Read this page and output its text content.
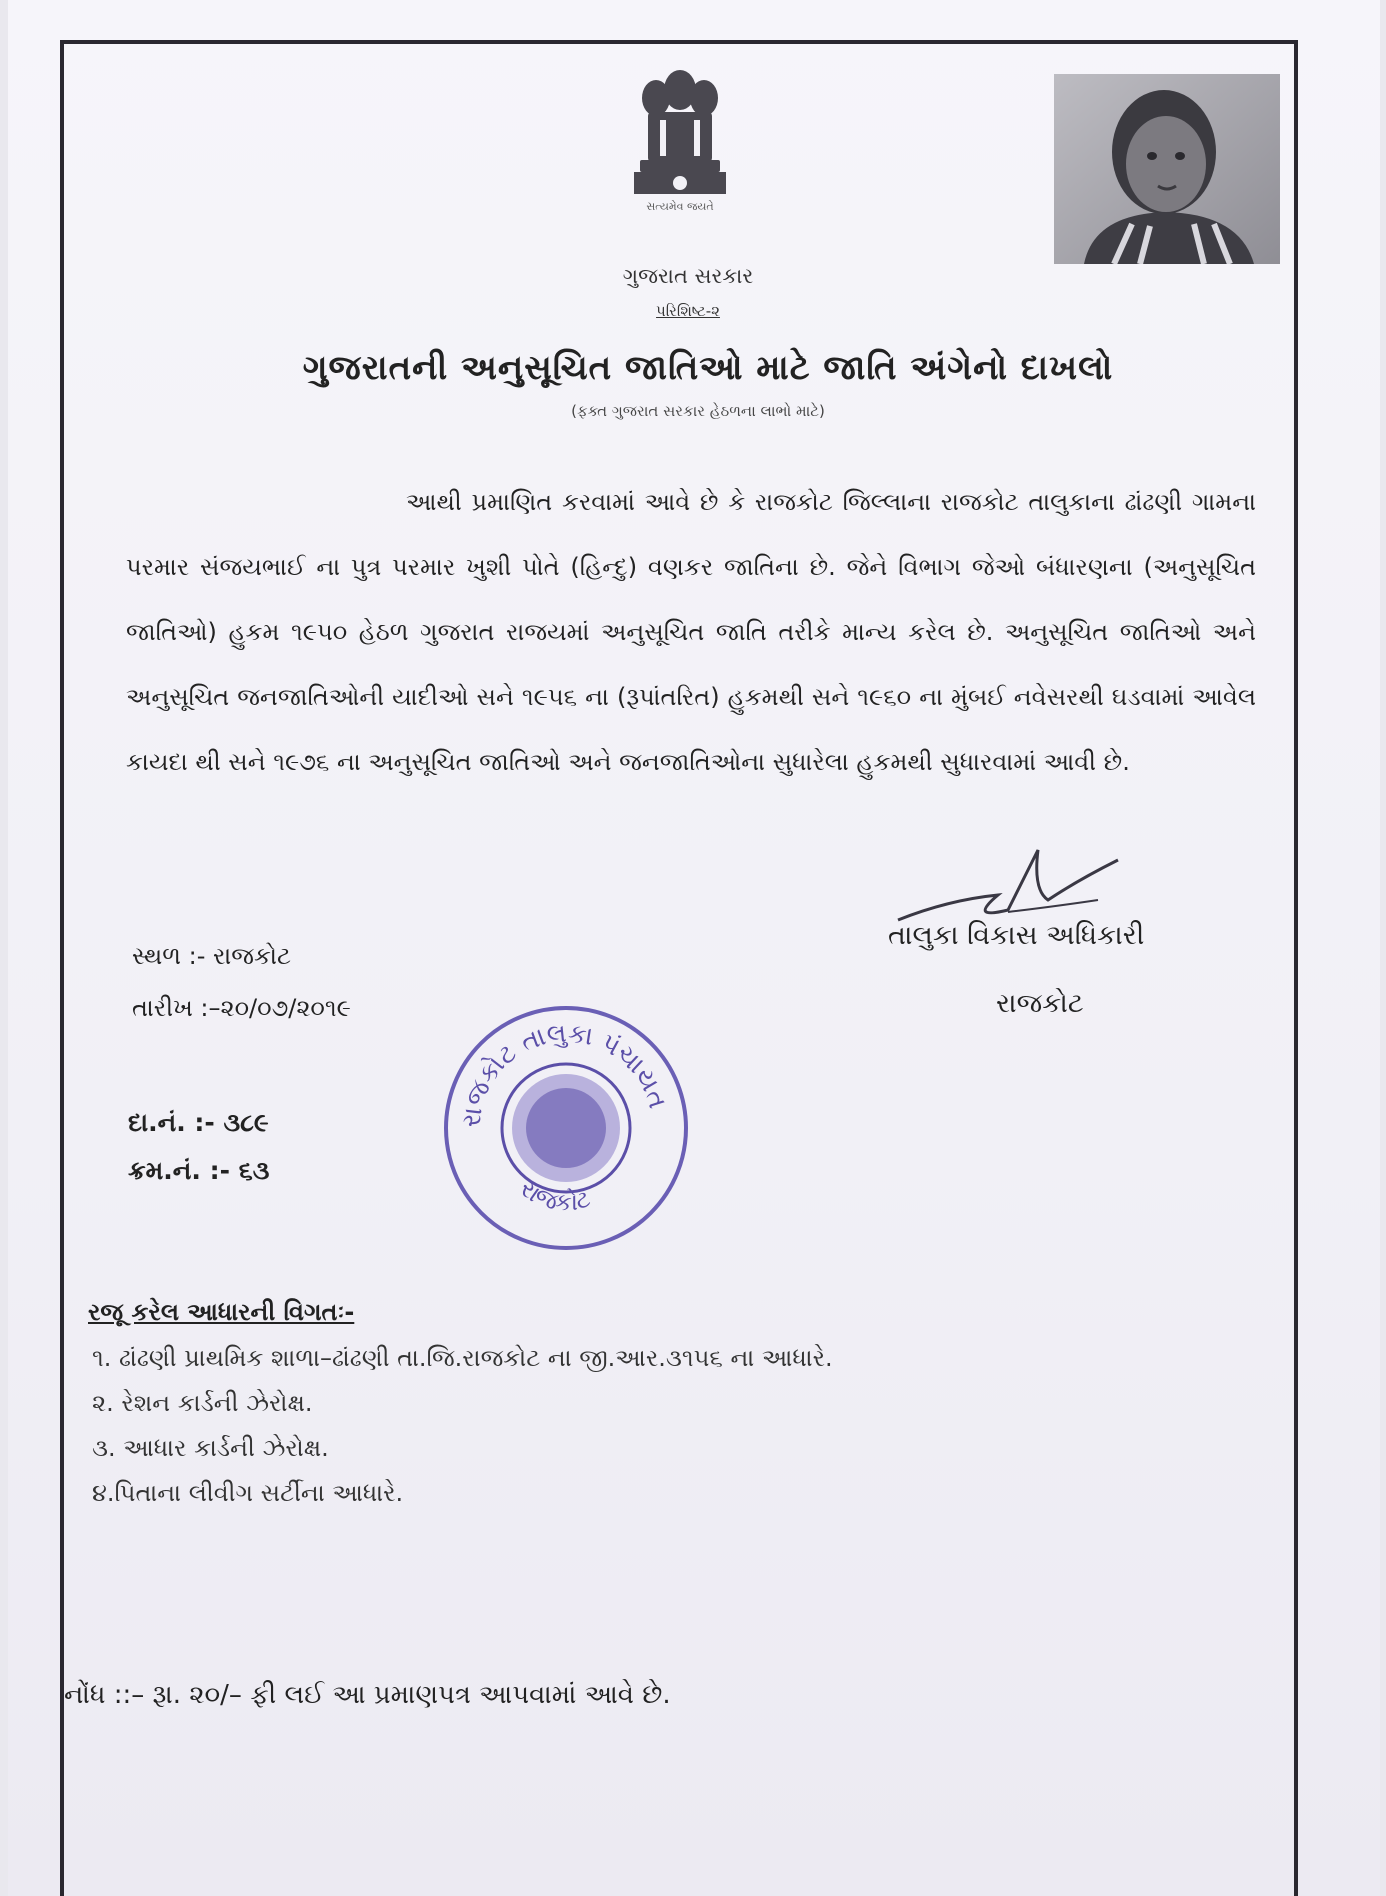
સત્યમેવ જયતે
ગુજરાત સરકાર
પરિશિષ્ટ-૨
ગુજરાતની અનુસૂચિત જાતિઓ માટે જાતિ અંગેનો દાખલો
(ફક્ત ગુજરાત સરકાર હેઠળના લાભો માટે)

આથી પ્રમાણિત કરવામાં આવે છે કે રાજકોટ જિલ્લાના રાજકોટ તાલુકાના ઢાંઢણી ગામના પરમાર સંજયભાઈ ના પુત્ર પરમાર ખુશી પોતે (હિન્દુ) વણકર જાતિના છે. જેને વિભાગ જેઓ બંધારણના (અનુસૂચિત જાતિઓ) હુકમ ૧૯૫૦ હેઠળ ગુજરાત રાજયમાં અનુસૂચિત જાતિ તરીકે માન્ય કરેલ છે. અનુસૂચિત જાતિઓ અને અનુસૂચિત જનજાતિઓની યાદીઓ સને ૧૯૫૬ ના (રૂપાંતરિત) હુકમથી સને ૧૯૬૦ ના મુંબઈ નવેસરથી ઘડવામાં આવેલ કાયદા થી સને ૧૯૭૬ ના અનુસૂચિત જાતિઓ અને જનજાતિઓના સુધારેલા હુકમથી સુધારવામાં આવી છે.

તાલુકા વિકાસ અધિકારી
રાજકોટ
સ્થળ :- રાજકોટ
તારીખ :–૨૦/૦૭/૨૦૧૯
દા.નં. :- ૩૮૯
ક્રમ.નં. :- ૬૩
રાજકોટ તાલુકા પંચાયત
રાજકોટ
રજૂ કરેલ આધારની વિગતઃ-
૧. ઢાંઢણી પ્રાથમિક શાળા–ઢાંઢણી તા.જિ.રાજકોટ ના જી.આર.૩૧૫૬ ના આધારે.
૨. રેશન કાર્ડની ઝેરોક્ષ.
૩. આધાર કાર્ડની ઝેરોક્ષ.
૪.પિતાના લીવીગ સર્ટીના આધારે.
નોંધ ::– રૂા. ૨૦/– ફી લઈ આ પ્રમાણપત્ર આપવામાં આવે છે.
